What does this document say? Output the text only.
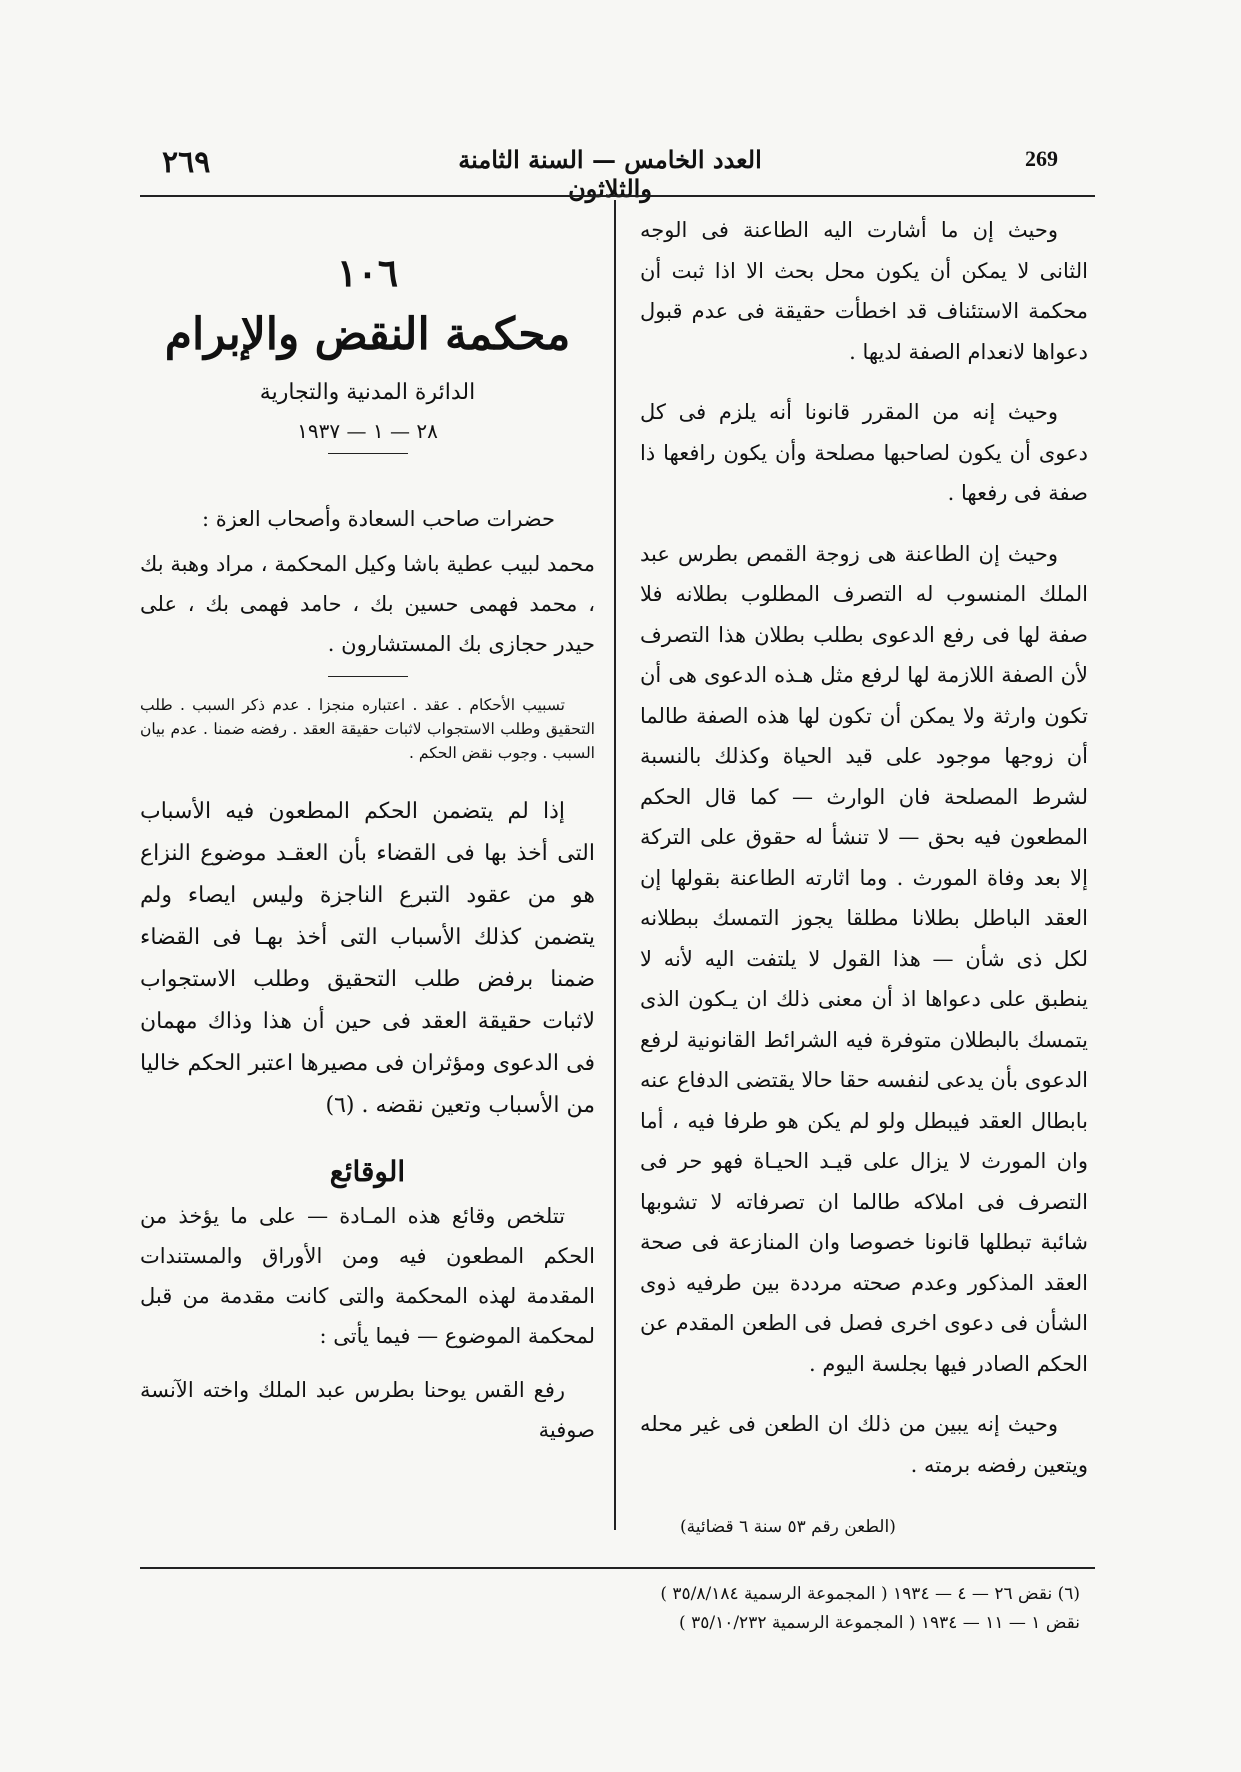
٢٦٩	العدد الخامس — السنة الثامنة والثلاثون
269

وحيث إن ما أشارت اليه الطاعنة فى الوجه الثانى لا يمكن أن يكون محل بحث الا اذا ثبت أن محكمة الاستئناف قد اخطأت حقيقة فى عدم قبول دعواها لانعدام الصفة لديها .

وحيث إنه من المقرر قانونا أنه يلزم فى كل دعوى أن يكون لصاحبها مصلحة وأن يكون رافعها ذا صفة فى رفعها .

وحيث إن الطاعنة هى زوجة القمص بطرس عبد الملك المنسوب له التصرف المطلوب بطلانه فلا صفة لها فى رفع الدعوى بطلب بطلان هذا التصرف لأن الصفة اللازمة لها لرفع مثل هـذه الدعوى هى أن تكون وارثة ولا يمكن أن تكون لها هذه الصفة طالما أن زوجها موجود على قيد الحياة وكذلك بالنسبة لشرط المصلحة فان الوارث — كما قال الحكم المطعون فيه بحق — لا تنشأ له حقوق على التركة إلا بعد وفاة المورث . وما اثارته الطاعنة بقولها إن العقد الباطل بطلانا مطلقا يجوز التمسك ببطلانه لكل ذى شأن — هذا القول لا يلتفت اليه لأنه لا ينطبق على دعواها اذ أن معنى ذلك ان يـكون الذى يتمسك بالبطلان متوفرة فيه الشرائط القانونية لرفع الدعوى بأن يدعى لنفسه حقا حالا يقتضى الدفاع عنه بابطال العقد فيبطل ولو لم يكن هو طرفا فيه ، أما وان المورث لا يزال على قيـد الحيـاة فهو حر فى التصرف فى املاكه طالما ان تصرفاته لا تشوبها شائبة تبطلها قانونا خصوصا وان المنازعة فى صحة العقد المذكور وعدم صحته مرددة بين طرفيه ذوى الشأن فى دعوى اخرى فصل فى الطعن المقدم عن الحكم الصادر فيها بجلسة اليوم .

وحيث إنه يبين من ذلك ان الطعن فى غير محله ويتعين رفضه برمته .

(الطعن رقم ٥٣ سنة ٦ قضائية)
١٠٦
محكمة النقض والإبرام
الدائرة المدنية والتجارية
٢٨ — ١ — ١٩٣٧

حضرات صاحب السعادة وأصحاب العزة :

محمد لبيب عطية باشا وكيل المحكمة ، مراد وهبة بك ، محمد فهمى حسين بك ، حامد فهمى بك ، على حيدر حجازى بك المستشارون .

تسبيب الأحكام . عقد . اعتباره منجزا . عدم ذكر السبب . طلب التحقيق وطلب الاستجواب لاثبات حقيقة العقد . رفضه ضمنا . عدم بيان السبب . وجوب نقض الحكم .

إذا لم يتضمن الحكم المطعون فيه الأسباب التى أخذ بها فى القضاء بأن العقـد موضوع النزاع هو من عقود التبرع الناجزة وليس ايصاء ولم يتضمن كذلك الأسباب التى أخذ بهـا فى القضاء ضمنا برفض طلب التحقيق وطلب الاستجواب لاثبات حقيقة العقد فى حين أن هذا وذاك مهمان فى الدعوى ومؤثران فى مصيرها اعتبر الحكم خاليا من الأسباب وتعين نقضه . (٦)

الوقائع

تتلخص وقائع هذه المـادة — على ما يؤخذ من الحكم المطعون فيه ومن الأوراق والمستندات المقدمة لهذه المحكمة والتى كانت مقدمة من قبل لمحكمة الموضوع — فيما يأتى :

رفع القس يوحنا بطرس عبد الملك واخته الآنسة صوفية

(٦) نقض ٢٦ — ٤ — ١٩٣٤ ( المجموعة الرسمية ٣٥/٨/١٨٤ )
نقض ١ — ١١ — ١٩٣٤ ( المجموعة الرسمية ٣٥/١٠/٢٣٢ )
